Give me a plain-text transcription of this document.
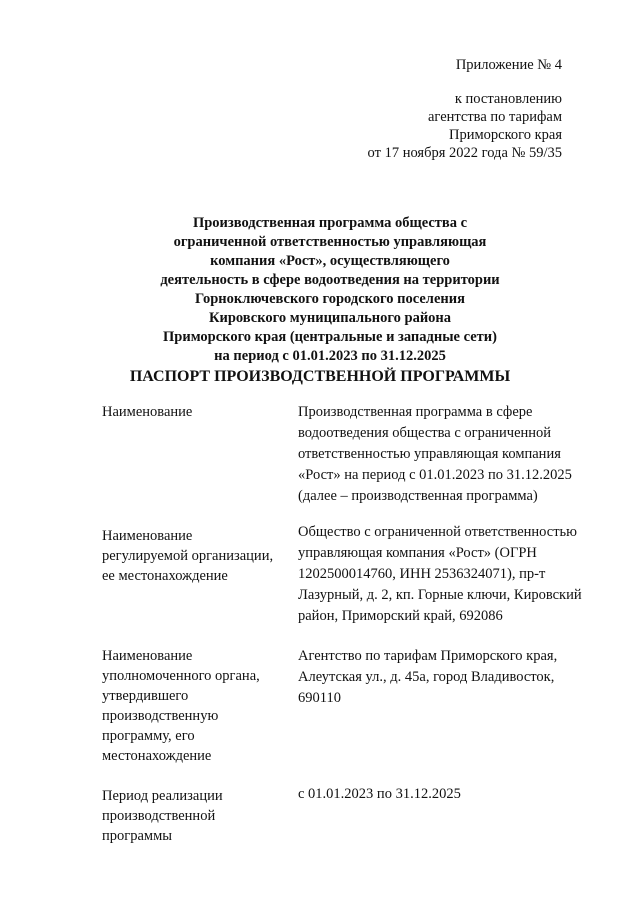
Приложение № 4
к постановлению
агентства по тарифам
Приморского края
от 17 ноября 2022 года № 59/35
Производственная программа общества с
ограниченной ответственностью управляющая
компания «Рост», осуществляющего
деятельность в сфере водоотведения на территории
Горноключевского городского поселения
Кировского муниципального района
Приморского края (центральные и западные сети)
на период с 01.01.2023 по 31.12.2025
ПАСПОРТ ПРОИЗВОДСТВЕННОЙ ПРОГРАММЫ
Наименование	Производственная программа в сфере
водоотведения общества с ограниченной
ответственностью управляющая компания
«Рост» на период с 01.01.2023 по 31.12.2025
(далее – производственная программа)
Наименование
регулируемой организации,
ее местонахождение
Общество с ограниченной ответственностью
управляющая компания «Рост» (ОГРН
1202500014760, ИНН 2536324071), пр-т
Лазурный, д. 2, кп. Горные ключи, Кировский
район, Приморский край, 692086
Наименование
уполномоченного органа,
утвердившего
производственную
программу, его
местонахождение
Агентство по тарифам Приморского края,
Алеутская ул., д. 45а, город Владивосток,
690110
Период реализации
производственной
программы
с 01.01.2023 по 31.12.2025
